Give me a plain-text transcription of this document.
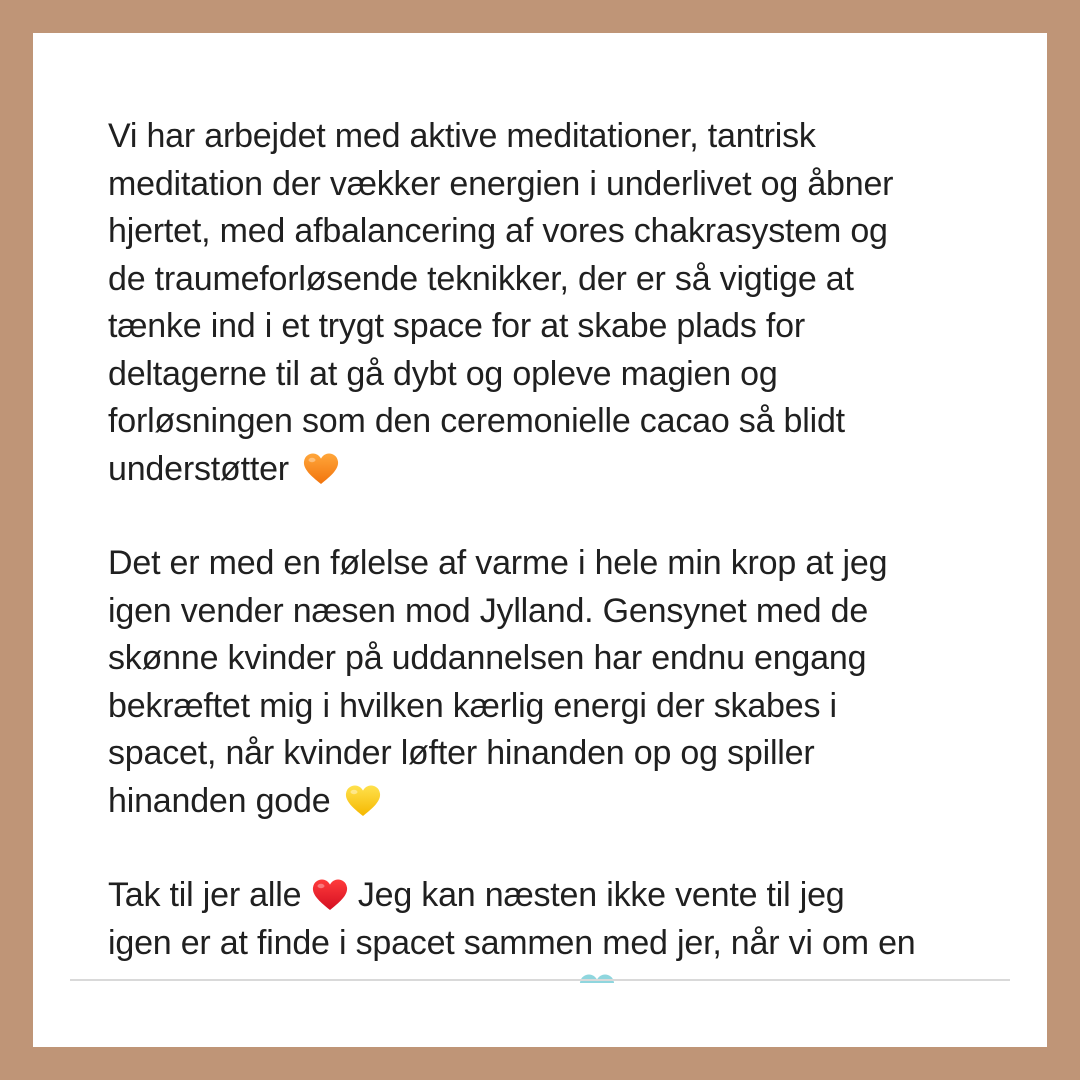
Vi har arbejdet med aktive meditationer, tantrisk
meditation der vækker energien i underlivet og åbner
hjertet, med afbalancering af vores chakrasystem og
de traumeforløsende teknikker, der er så vigtige at
tænke ind i et trygt space for at skabe plads for
deltagerne til at gå dybt og opleve magien og
forløsningen som den ceremonielle cacao så blidt
understøtter

Det er med en følelse af varme i hele min krop at jeg
igen vender næsen mod Jylland. Gensynet med de
skønne kvinder på uddannelsen har endnu engang
bekræftet mig i hvilken kærlig energi der skabes i
spacet, når kvinder løfter hinanden op og spiller
hinanden gode

Tak til jer alle Jeg kan næsten ikke vente til jeg
igen er at finde i spacet sammen med jer, når vi om en
